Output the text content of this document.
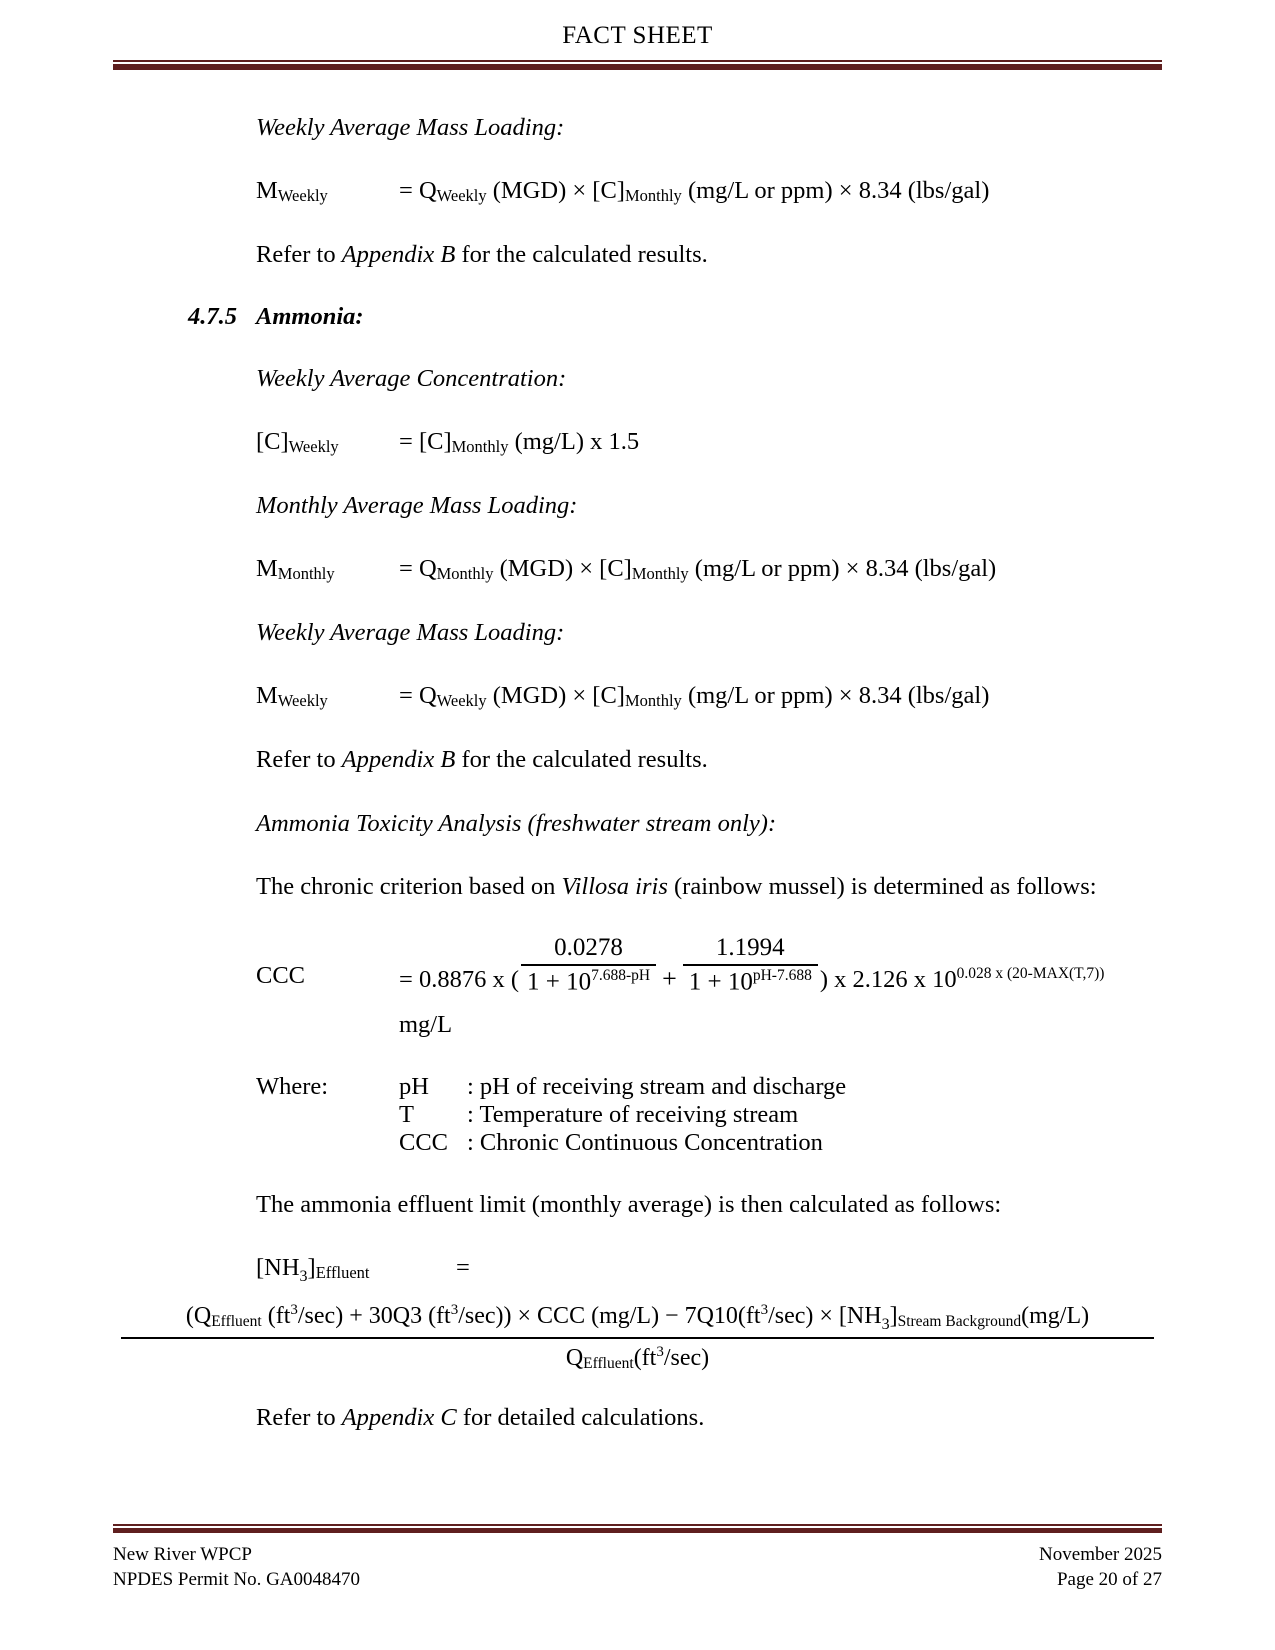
FACT SHEET

Weekly Average Mass Loading:

MWeekly	= QWeekly (MGD) × [C]Monthly (mg/L or ppm) × 8.34 (lbs/gal)

Refer to Appendix B for the calculated results.

4.7.5 Ammonia:

Weekly Average Concentration:

[C]Weekly	= [C]Monthly (mg/L) x 1.5

Monthly Average Mass Loading:

MMonthly	= QMonthly (MGD) × [C]Monthly (mg/L or ppm) × 8.34 (lbs/gal)

Weekly Average Mass Loading:

MWeekly	= QWeekly (MGD) × [C]Monthly (mg/L or ppm) × 8.34 (lbs/gal)

Refer to Appendix B for the calculated results.

Ammonia Toxicity Analysis (freshwater stream only):

The chronic criterion based on Villosa iris (rainbow mussel) is determined as follows:

CCC	= 0.8876 x ( $\frac{0.0278}{1 + 10^{7.688-pH}} + \frac{1.1994}{1 + 10^{pH-7.688}}$ ) x 2.126 x $10^{0.028 x (20-MAX(T,7))}$
mg/L
Where:	pH	: pH of receiving stream and discharge
T	: Temperature of receiving stream
CCC : Chronic Continuous Concentration

The ammonia effluent limit (monthly average) is then calculated as follows:

$[NH_3]Effluent$	=
(QEffluent $(ft^3/\sec) + 30Q3$ $(ft^3/\sec)$) × CCC $(mg/L) - 7Q10(ft^3/\sec)$ × $[NH_3]Stream$ Background(mg/L)
$QEffluent(ft^3/\sec)$

Refer to Appendix C for detailed calculations.

New River WPCP
NPDES Permit No. GA0048470
November 2025
Page 20 of 27
